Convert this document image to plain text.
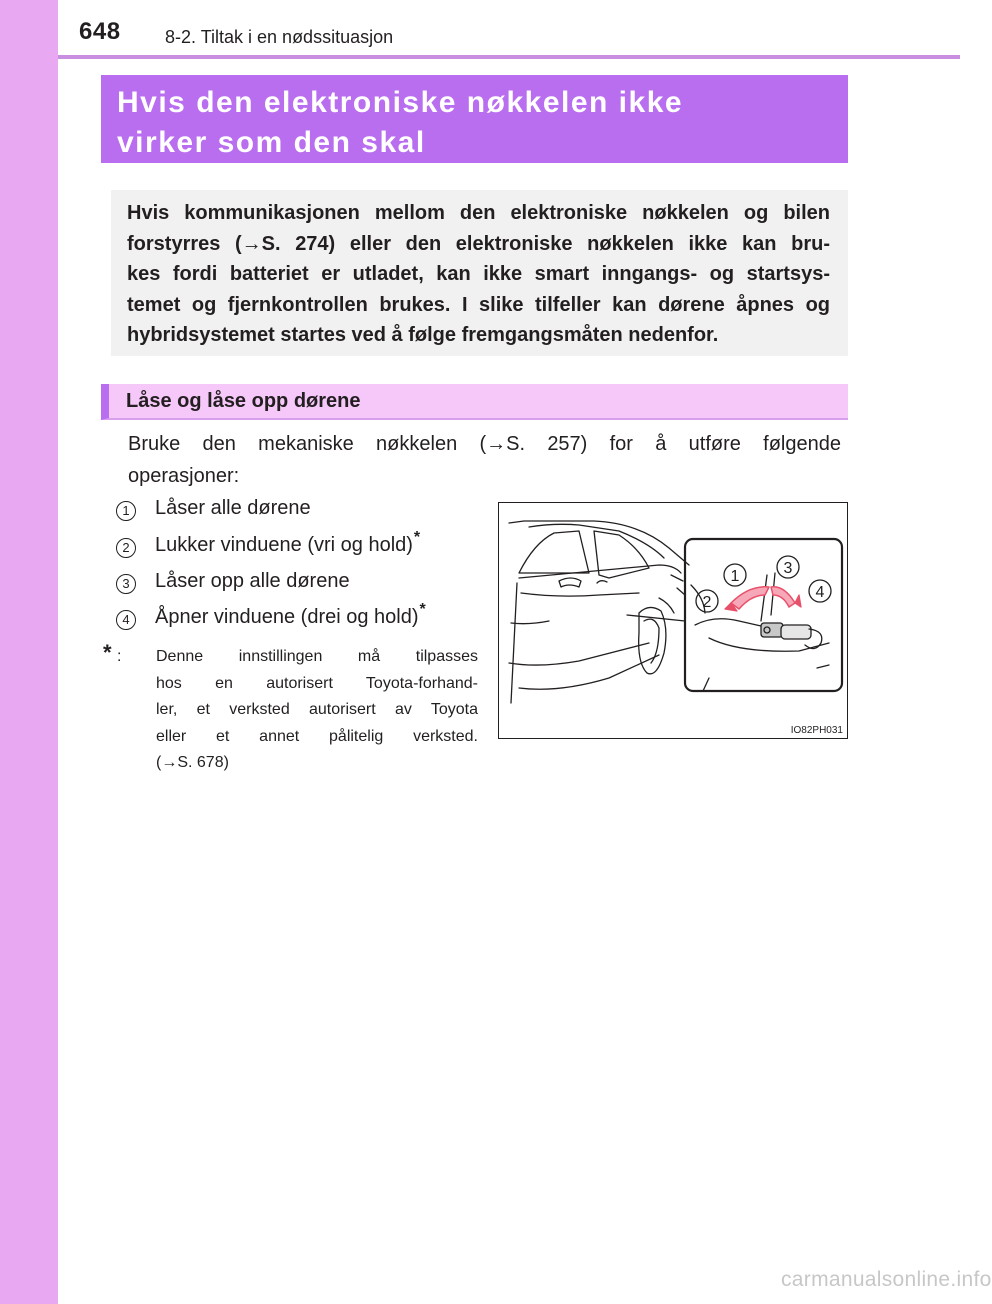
648 8-2. Tiltak i en nødssituasjon
Hvis den elektroniske nøkkelen ikke
virker som den skal
Hvis kommunikasjonen mellom den elektroniske nøkkelen og bilen
forstyrres (→S. 274) eller den elektroniske nøkkelen ikke kan bru-
kes fordi batteriet er utladet, kan ikke smart inngangs- og startsys-
temet og fjernkontrollen brukes. I slike tilfeller kan dørene åpnes og
hybridsystemet startes ved å følge fremgangsmåten nedenfor.
Låse og låse opp dørene
Bruke den mekaniske nøkkelen (→S. 257) for å utføre følgende
operasjoner:
1	Låser alle dørene
2	Lukker vinduene (vri og hold)*
3	Låser opp alle dørene
4	Åpner vinduene (drei og hold)*
* : Denne innstillingen må tilpasses
hos en autorisert Toyota-forhand-
ler, et verksted autorisert av Toyota
eller et annet pålitelig verksted.
(→S. 678)
1
2
3
4
IO82PH031
carmanualsonline.info
